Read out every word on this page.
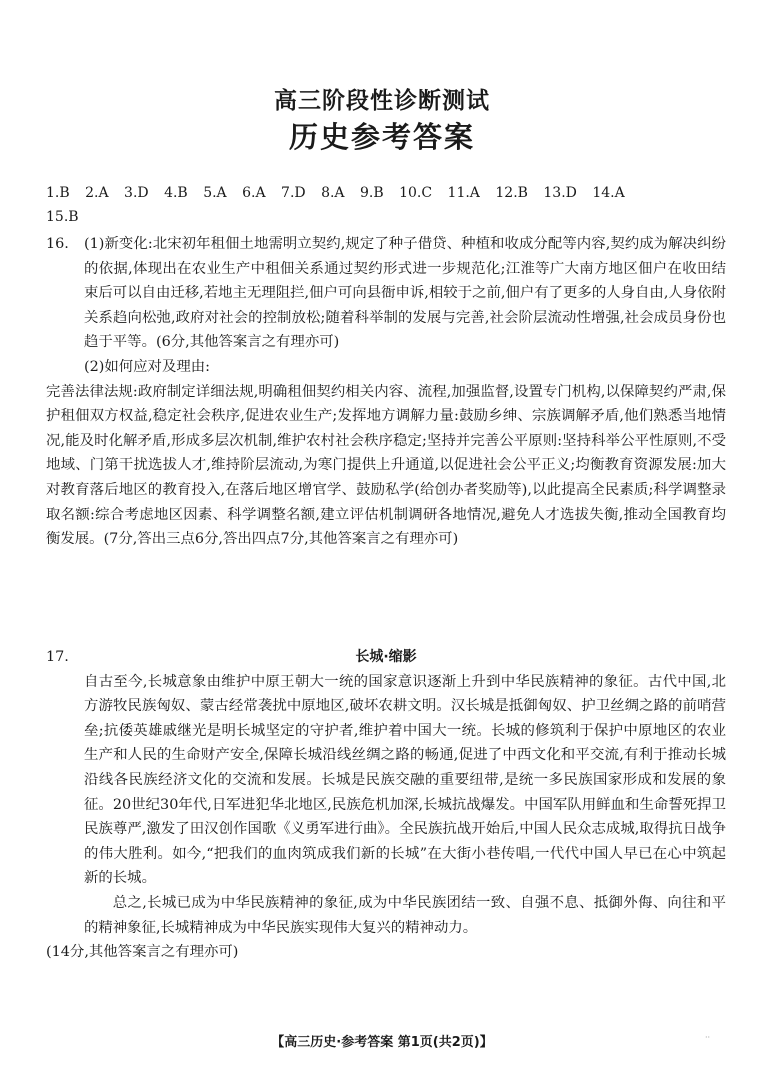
高三阶段性诊断测试
历史参考答案
1.B 2.A 3.D 4.B 5.A 6.A 7.D 8.A 9.B 10.C 11.A 12.B 13.D 14.A
15.B
16. (1)新变化:北宋初年租佃土地需明立契约,规定了种子借贷、种植和收成分配等内容,契约成为解决纠纷的依据,体现出在农业生产中租佃关系通过契约形式进一步规范化;江淮等广大南方地区佃户在收田结束后可以自由迁移,若地主无理阻拦,佃户可向县衙申诉,相较于之前,佃户有了更多的人身自由,人身依附关系趋向松弛,政府对社会的控制放松;随着科举制的发展与完善,社会阶层流动性增强,社会成员身份也趋于平等。(6分,其他答案言之有理亦可)

(2)如何应对及理由:

完善法律法规:政府制定详细法规,明确租佃契约相关内容、流程,加强监督,设置专门机构,以保障契约严肃,保护租佃双方权益,稳定社会秩序,促进农业生产;发挥地方调解力量:鼓励乡绅、宗族调解矛盾,他们熟悉当地情况,能及时化解矛盾,形成多层次机制,维护农村社会秩序稳定;坚持并完善公平原则:坚持科举公平性原则,不受地域、门第干扰选拔人才,维持阶层流动,为寒门提供上升通道,以促进社会公平正义;均衡教育资源发展:加大对教育落后地区的教育投入,在落后地区增官学、鼓励私学(给创办者奖励等),以此提高全民素质;科学调整录取名额:综合考虑地区因素、科学调整名额,建立评估机制调研各地情况,避免人才选拔失衡,推动全国教育均衡发展。(7分,答出三点6分,答出四点7分,其他答案言之有理亦可)

17.	长城·缩影

自古至今,长城意象由维护中原王朝大一统的国家意识逐渐上升到中华民族精神的象征。古代中国,北方游牧民族匈奴、蒙古经常袭扰中原地区,破坏农耕文明。汉长城是抵御匈奴、护卫丝绸之路的前哨营垒;抗倭英雄戚继光是明长城坚定的守护者,维护着中国大一统。长城的修筑利于保护中原地区的农业生产和人民的生命财产安全,保障长城沿线丝绸之路的畅通,促进了中西文化和平交流,有利于推动长城沿线各民族经济文化的交流和发展。长城是民族交融的重要纽带,是统一多民族国家形成和发展的象征。20世纪30年代,日军进犯华北地区,民族危机加深,长城抗战爆发。中国军队用鲜血和生命誓死捍卫民族尊严,激发了田汉创作国歌《义勇军进行曲》。全民族抗战开始后,中国人民众志成城,取得抗日战争的伟大胜利。如今,“把我们的血肉筑成我们新的长城”在大街小巷传唱,一代代中国人早已在心中筑起新的长城。

总之,长城已成为中华民族精神的象征,成为中华民族团结一致、自强不息、抵御外侮、向往和平的精神象征,长城精神成为中华民族实现伟大复兴的精神动力。

(14分,其他答案言之有理亦可)

【高三历史·参考答案 第1页(共2页)】	··
